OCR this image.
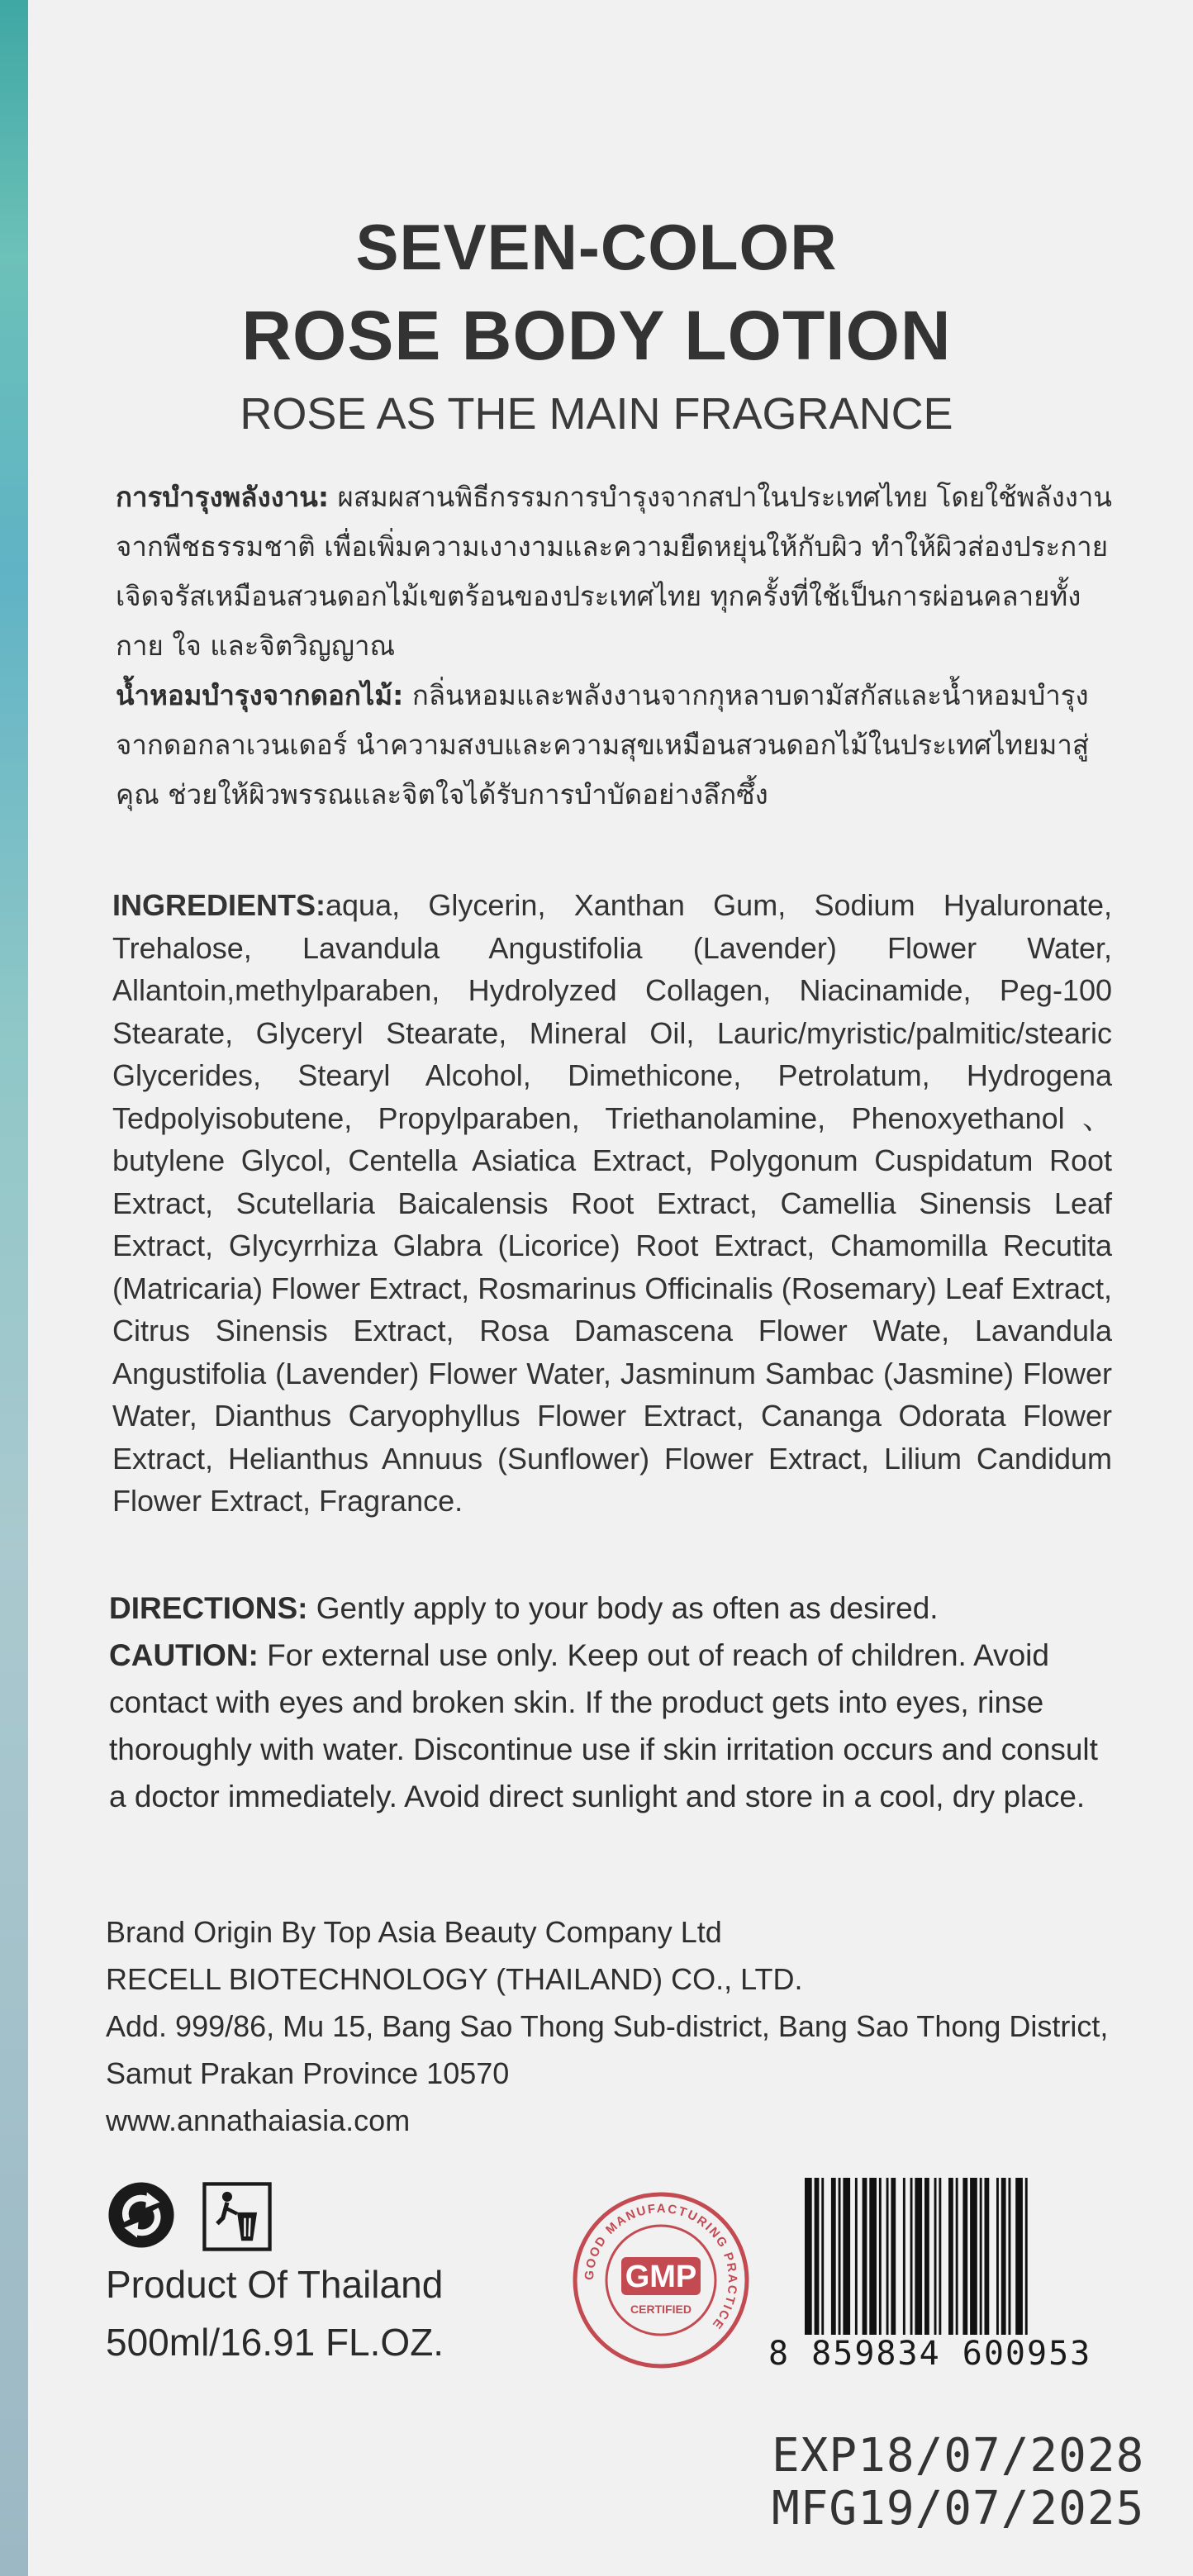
SEVEN-COLOR
ROSE BODY LOTION
ROSE AS THE MAIN FRAGRANCE

การบำรุงพลังงาน: ผสมผสานพิธีกรรมการบำรุงจากสปาในประเทศไทย โดยใช้พลังงานจากพืชธรรมชาติ เพื่อเพิ่มความเงางามและความยืดหยุ่นให้กับผิว ทำให้ผิวส่องประกายเจิดจรัสเหมือนสวนดอกไม้เขตร้อนของประเทศไทย ทุกครั้งที่ใช้เป็นการผ่อนคลายทั้งกาย ใจ และจิตวิญญาณ

น้ำหอมบำรุงจากดอกไม้: กลิ่นหอมและพลังงานจากกุหลาบดามัสกัสและน้ำหอมบำรุงจากดอกลาเวนเดอร์ นำความสงบและความสุขเหมือนสวนดอกไม้ในประเทศไทยมาสู่คุณ ช่วยให้ผิวพรรณและจิตใจได้รับการบำบัดอย่างลึกซึ้ง

INGREDIENTS:aqua, Glycerin, Xanthan Gum, Sodium Hyaluronate, Trehalose, Lavandula Angustifolia (Lavender) Flower Water, Allantoin,methylparaben, Hydrolyzed Collagen, Niacinamide, Peg-100 Stearate, Glyceryl Stearate, Mineral Oil, Lauric/myristic/palmitic/stearic Glycerides, Stearyl Alcohol, Dimethicone, Petrolatum, Hydrogena Tedpolyisobutene, Propylparaben, Triethanolamine, Phenoxyethanol、butylene Glycol, Centella Asiatica Extract, Polygonum Cuspidatum Root Extract, Scutellaria Baicalensis Root Extract, Camellia Sinensis Leaf Extract, Glycyrrhiza Glabra (Licorice) Root Extract, Chamomilla Recutita (Matricaria) Flower Extract, Rosmarinus Officinalis (Rosemary) Leaf Extract, Citrus Sinensis Extract, Rosa Damascena Flower Wate, Lavandula Angustifolia (Lavender) Flower Water, Jasminum Sambac (Jasmine) Flower Water, Dianthus Caryophyllus Flower Extract, Cananga Odorata Flower Extract, Helianthus Annuus (Sunflower) Flower Extract, Lilium Candidum Flower Extract, Fragrance.

DIRECTIONS: Gently apply to your body as often as desired.

CAUTION: For external use only. Keep out of reach of children. Avoid contact with eyes and broken skin. If the product gets into eyes, rinse thoroughly with water. Discontinue use if skin irritation occurs and consult a doctor immediately. Avoid direct sunlight and store in a cool, dry place.

Brand Origin By Top Asia Beauty Company Ltd

RECELL BIOTECHNOLOGY (THAILAND) CO., LTD.

Add. 999/86, Mu 15, Bang Sao Thong Sub-district, Bang Sao Thong District, Samut Prakan Province 10570

www.annathaiasia.com

Product Of Thailand
500ml/16.91 FL.OZ.
GOOD MANUFACTURING PRACTICE
GMP
CERTIFIED
8 859834 600953
EXP18/07/2028
MFG19/07/2025
